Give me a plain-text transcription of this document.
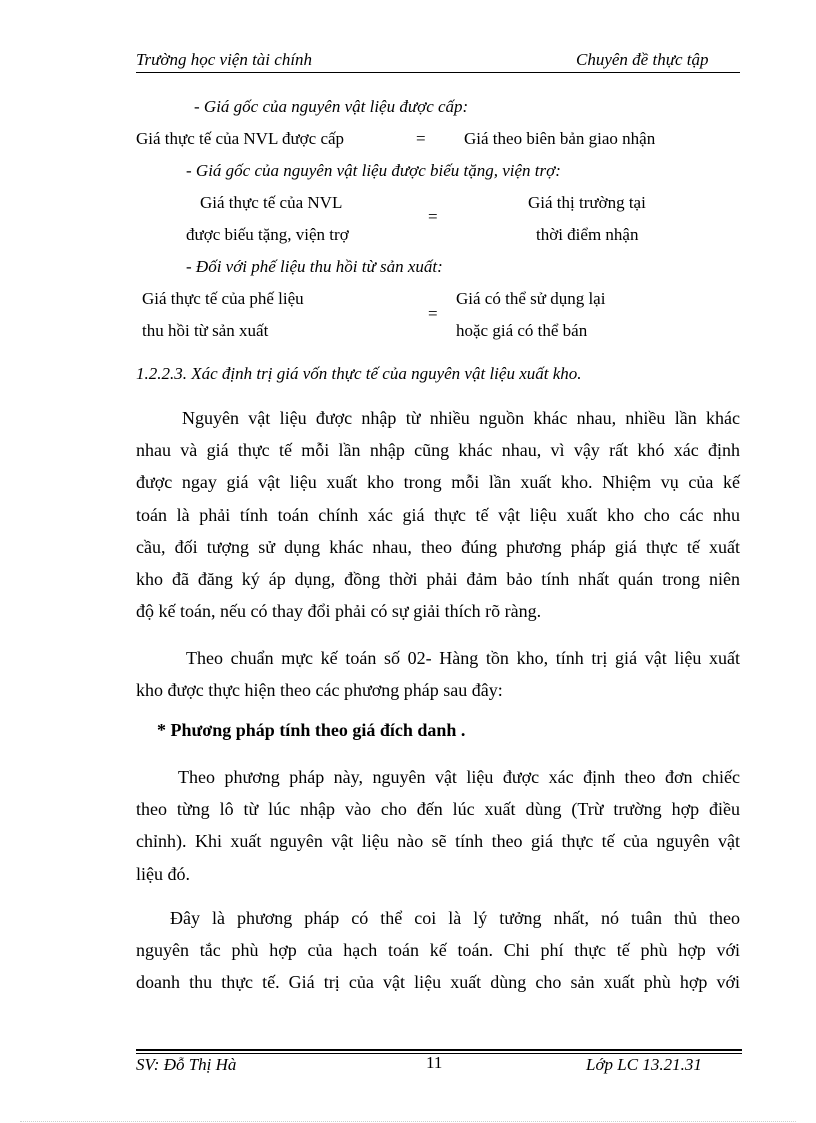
Trường học viện tài chính	Chuyên đề thực tập
- Giá gốc của nguyên vật liệu được cấp:
Giá thực tế của NVL được cấp	= Giá theo biên bản giao nhận
- Giá gốc của nguyên vật liệu được biếu tặng, viện trợ:
Giá thực tế của NVL
được biếu tặng, viện trợ
=
Giá thị trường tại
thời điểm nhận
- Đối với phế liệu thu hồi từ sản xuất:
Giá thực tế của phế liệu
thu hồi từ sản xuất
=
Giá có thể sử dụng lại
hoặc giá có thể bán
1.2.2.3. Xác định trị giá vốn thực tế của nguyên vật liệu xuất kho.
Nguyên vật liệu được nhập từ nhiều nguồn khác nhau, nhiều lần khác
nhau và giá thực tế mỗi lần nhập cũng khác nhau, vì vậy rất khó xác định
được ngay giá vật liệu xuất kho trong mỗi lần xuất kho. Nhiệm vụ của kế
toán là phải tính toán chính xác giá thực tế vật liệu xuất kho cho các nhu
cầu, đối tượng sử dụng khác nhau, theo đúng phương pháp giá thực tế xuất
kho đã đăng ký áp dụng, đồng thời phải đảm bảo tính nhất quán trong niên
độ kế toán, nếu có thay đổi phải có sự giải thích rõ ràng.
Theo chuẩn mực kế toán số 02- Hàng tồn kho, tính trị giá vật liệu xuất
kho được thực hiện theo các phương pháp sau đây:
* Phương pháp tính theo giá đích danh .
Theo phương pháp này, nguyên vật liệu được xác định theo đơn chiếc
theo từng lô từ lúc nhập vào cho đến lúc xuất dùng (Trừ trường hợp điều
chỉnh). Khi xuất nguyên vật liệu nào sẽ tính theo giá thực tế của nguyên vật
liệu đó.
Đây là phương pháp có thể coi là lý tưởng nhất, nó tuân thủ theo
nguyên tắc phù hợp của hạch toán kế toán. Chi phí thực tế phù hợp với
doanh thu thực tế. Giá trị của vật liệu xuất dùng cho sản xuất phù hợp với
SV: Đỗ Thị Hà	11	Lớp LC 13.21.31
